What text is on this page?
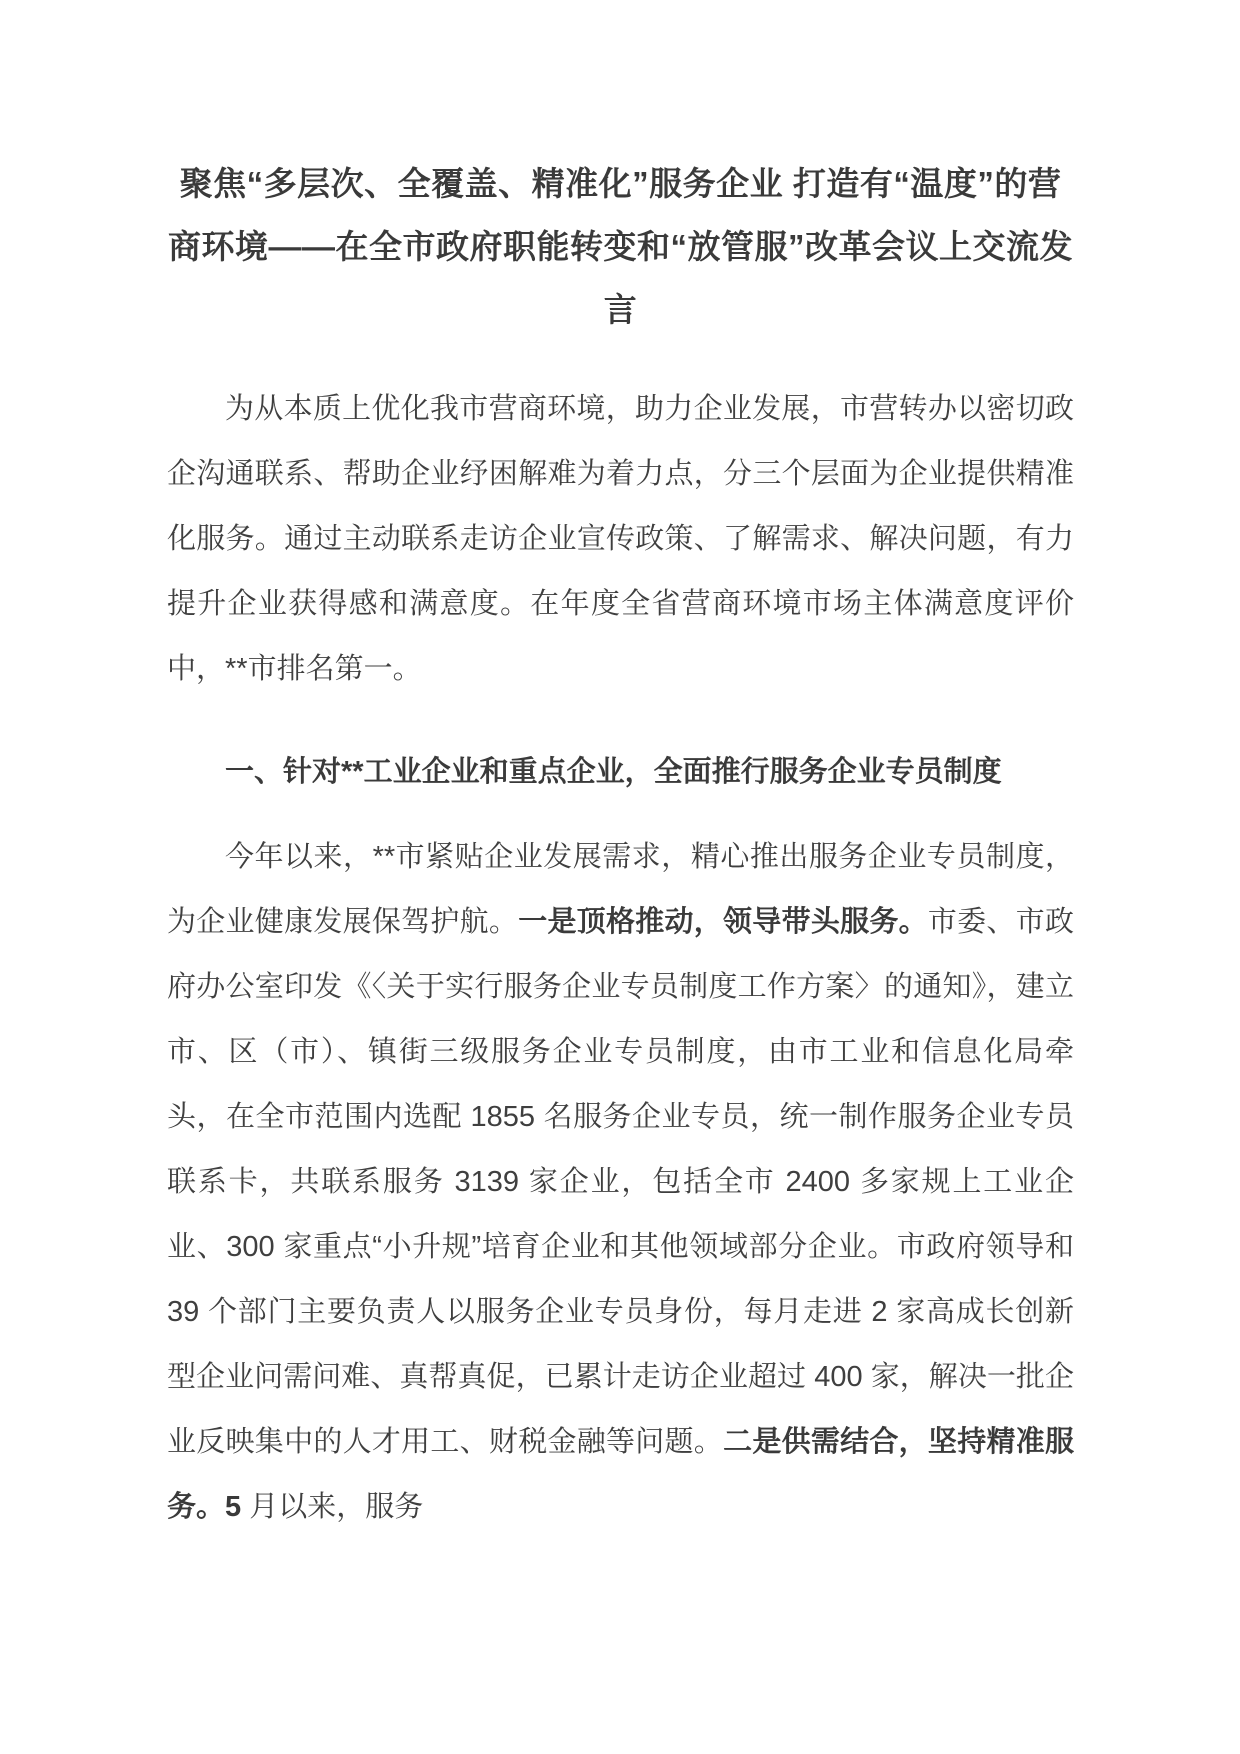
聚焦“多层次、全覆盖、精准化”服务企业 打造有“温度”的营商环境——在全市政府职能转变和“放管服”改革会议上交流发言

为从本质上优化我市营商环境，助力企业发展，市营转办以密切政企沟通联系、帮助企业纾困解难为着力点，分三个层面为企业提供精准化服务。通过主动联系走访企业宣传政策、了解需求、解决问题，有力提升企业获得感和满意度。在年度全省营商环境市场主体满意度评价中，**市排名第一。

一、针对**工业企业和重点企业，全面推行服务企业专员制度

今年以来，**市紧贴企业发展需求，精心推出服务企业专员制度，为企业健康发展保驾护航。一是顶格推动，领导带头服务。市委、市政府办公室印发《〈关于实行服务企业专员制度工作方案〉的通知》，建立市、区（市）、镇街三级服务企业专员制度，由市工业和信息化局牵头，在全市范围内选配 1855 名服务企业专员，统一制作服务企业专员联系卡，共联系服务 3139 家企业，包括全市 2400 多家规上工业企业、300 家重点“小升规”培育企业和其他领域部分企业。市政府领导和 39 个部门主要负责人以服务企业专员身份，每月走进 2 家高成长创新型企业问需问难、真帮真促，已累计走访企业超过 400 家，解决一批企业反映集中的人才用工、财税金融等问题。二是供需结合，坚持精准服务。5 月以来，服务
